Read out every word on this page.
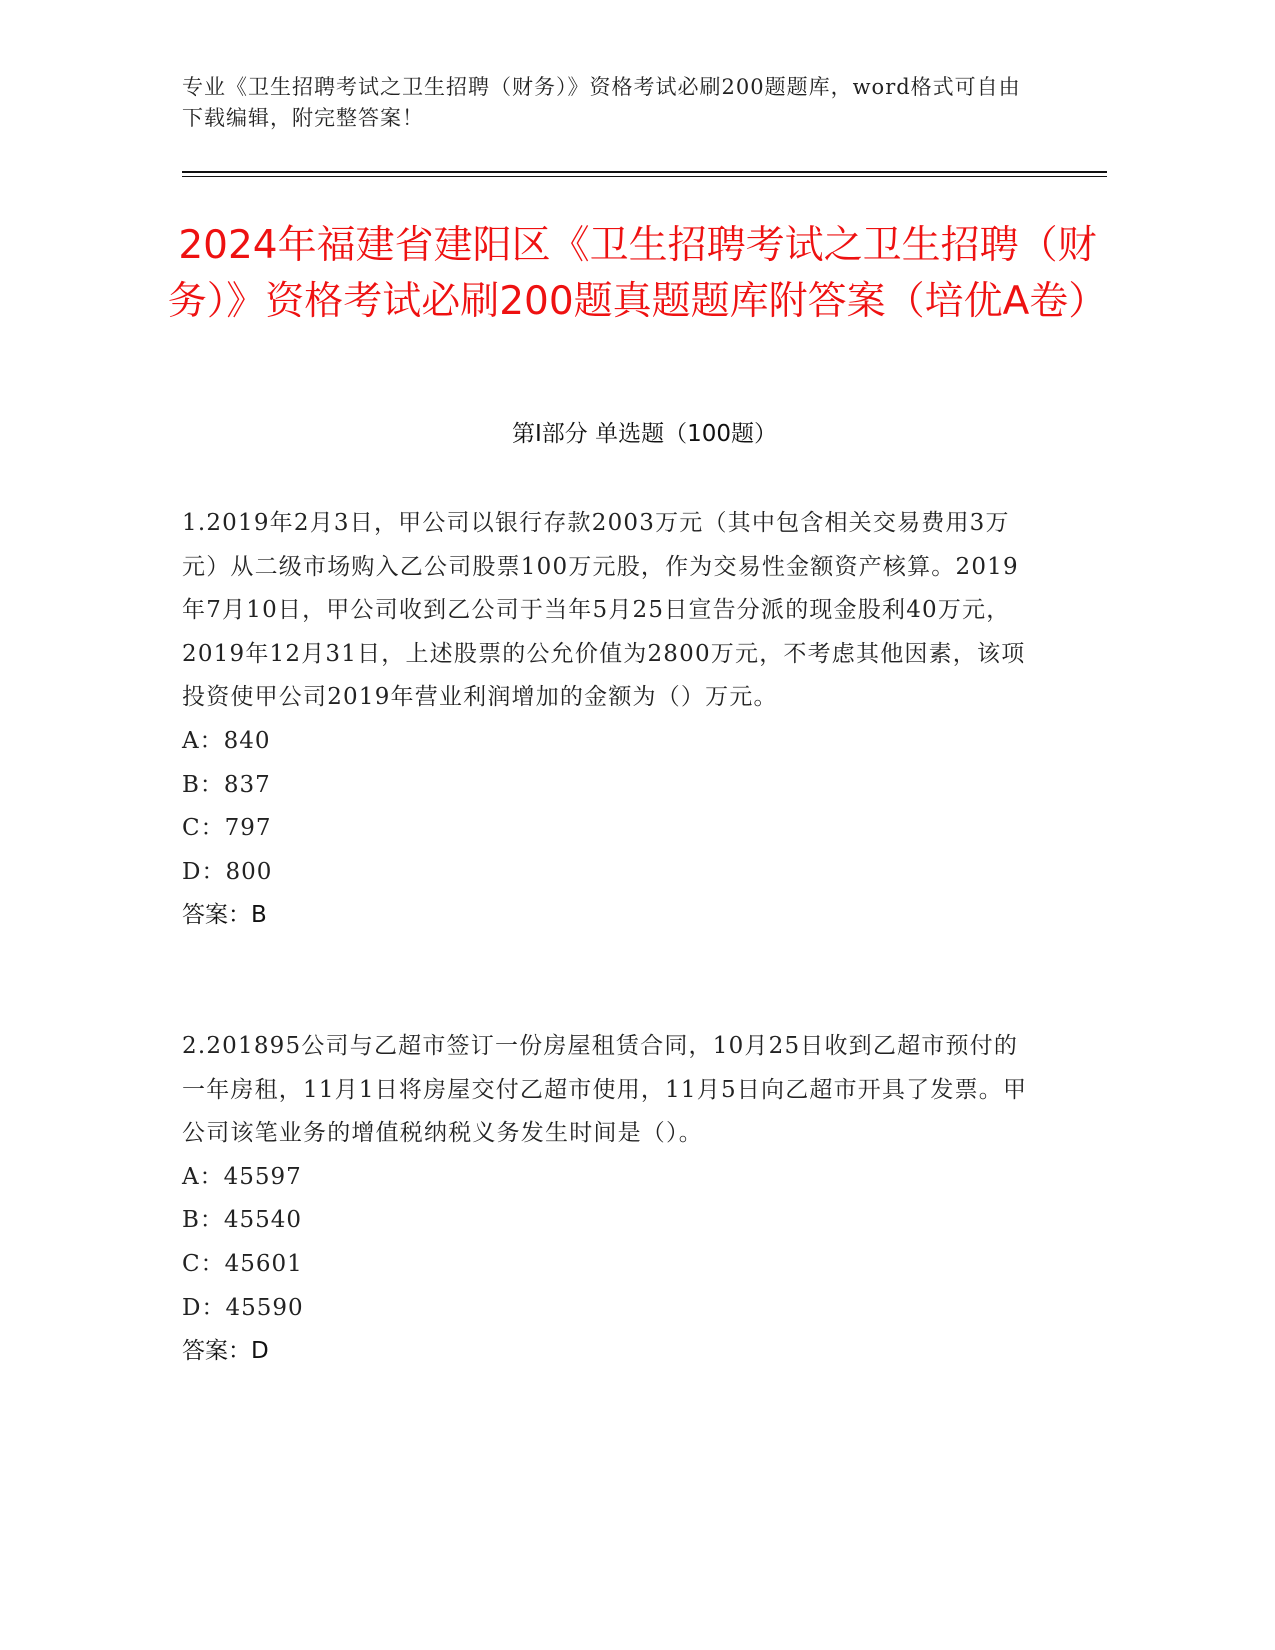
专业《卫生招聘考试之卫生招聘（财务）》资格考试必刷200题题库，word格式可自由下载编辑，附完整答案！
2024年福建省建阳区《卫生招聘考试之卫生招聘（财务）》资格考试必刷200题真题题库附答案（培优A卷）
第Ⅰ部分 单选题（100题）
1.2019年2月3日，甲公司以银行存款2003万元（其中包含相关交易费用3万元）从二级市场购入乙公司股票100万元股，作为交易性金额资产核算。2019年7月10日，甲公司收到乙公司于当年5月25日宣告分派的现金股利40万元，2019年12月31日，上述股票的公允价值为2800万元，不考虑其他因素，该项投资使甲公司2019年营业利润增加的金额为（）万元。
A：840
B：837
C：797
D：800
答案：B
2.201895公司与乙超市签订一份房屋租赁合同，10月25日收到乙超市预付的一年房租，11月1日将房屋交付乙超市使用，11月5日向乙超市开具了发票。甲公司该笔业务的增值税纳税义务发生时间是（）。
A：45597
B：45540
C：45601
D：45590
答案：D
